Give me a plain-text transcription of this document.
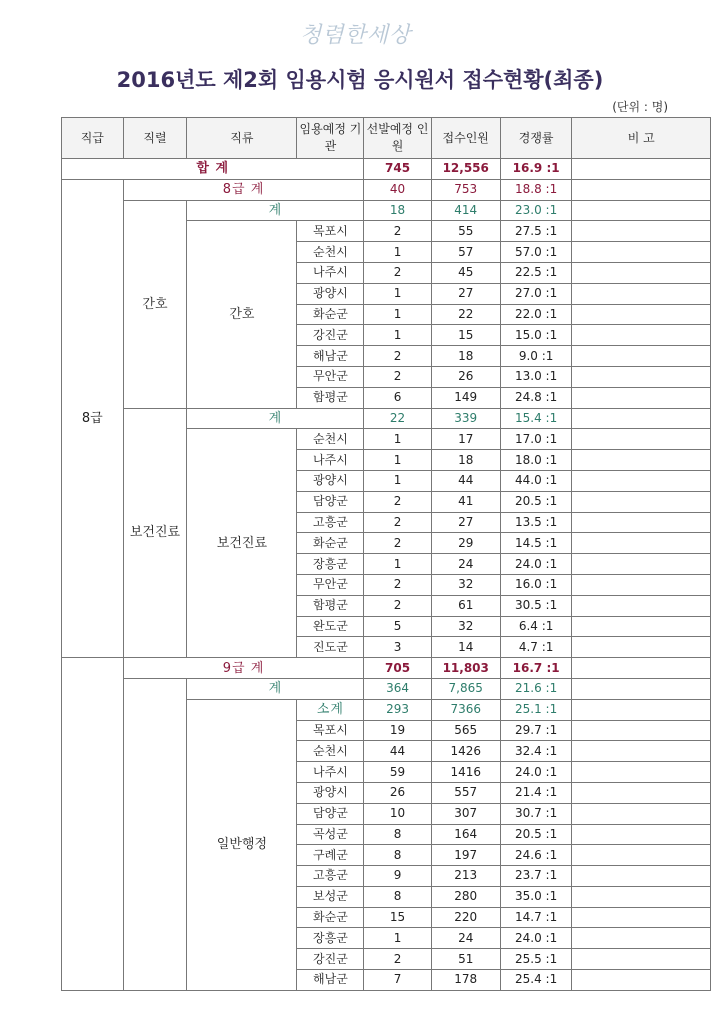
청렴한세상
2016년도 제2회 임용시험 응시원서 접수현황(최종)
(단위 : 명)
직급	직렬	직류	임용예정 기관	선발예정 인원	접수인원	경쟁률	비 고
합 계				745	12,556	16.9 :1	
8급	8급 계			40	753	18.8 :1	
	간호	계		18	414	23.0 :1	
		간호	목포시	2	55	27.5 :1	
			순천시	1	57	57.0 :1	
			나주시	2	45	22.5 :1	
			광양시	1	27	27.0 :1	
			화순군	1	22	22.0 :1	
			강진군	1	15	15.0 :1	
			해남군	2	18	9.0 :1	
			무안군	2	26	13.0 :1	
			함평군	6	149	24.8 :1	
	보건진료	계		22	339	15.4 :1	
		보건진료	순천시	1	17	17.0 :1	
			나주시	1	18	18.0 :1	
			광양시	1	44	44.0 :1	
			담양군	2	41	20.5 :1	
			고흥군	2	27	13.5 :1	
			화순군	2	29	14.5 :1	
			장흥군	1	24	24.0 :1	
			무안군	2	32	16.0 :1	
			함평군	2	61	30.5 :1	
			완도군	5	32	6.4 :1	
			진도군	3	14	4.7 :1	
	9급 계			705	11,803	16.7 :1	
		계		364	7,865	21.6 :1	
		일반행정	소계	293	7366	25.1 :1	
			목포시	19	565	29.7 :1	
			순천시	44	1426	32.4 :1	
			나주시	59	1416	24.0 :1	
			광양시	26	557	21.4 :1	
			담양군	10	307	30.7 :1	
			곡성군	8	164	20.5 :1	
			구례군	8	197	24.6 :1	
			고흥군	9	213	23.7 :1	
			보성군	8	280	35.0 :1	
			화순군	15	220	14.7 :1	
			장흥군	1	24	24.0 :1	
			강진군	2	51	25.5 :1	
			해남군	7	178	25.4 :1	
